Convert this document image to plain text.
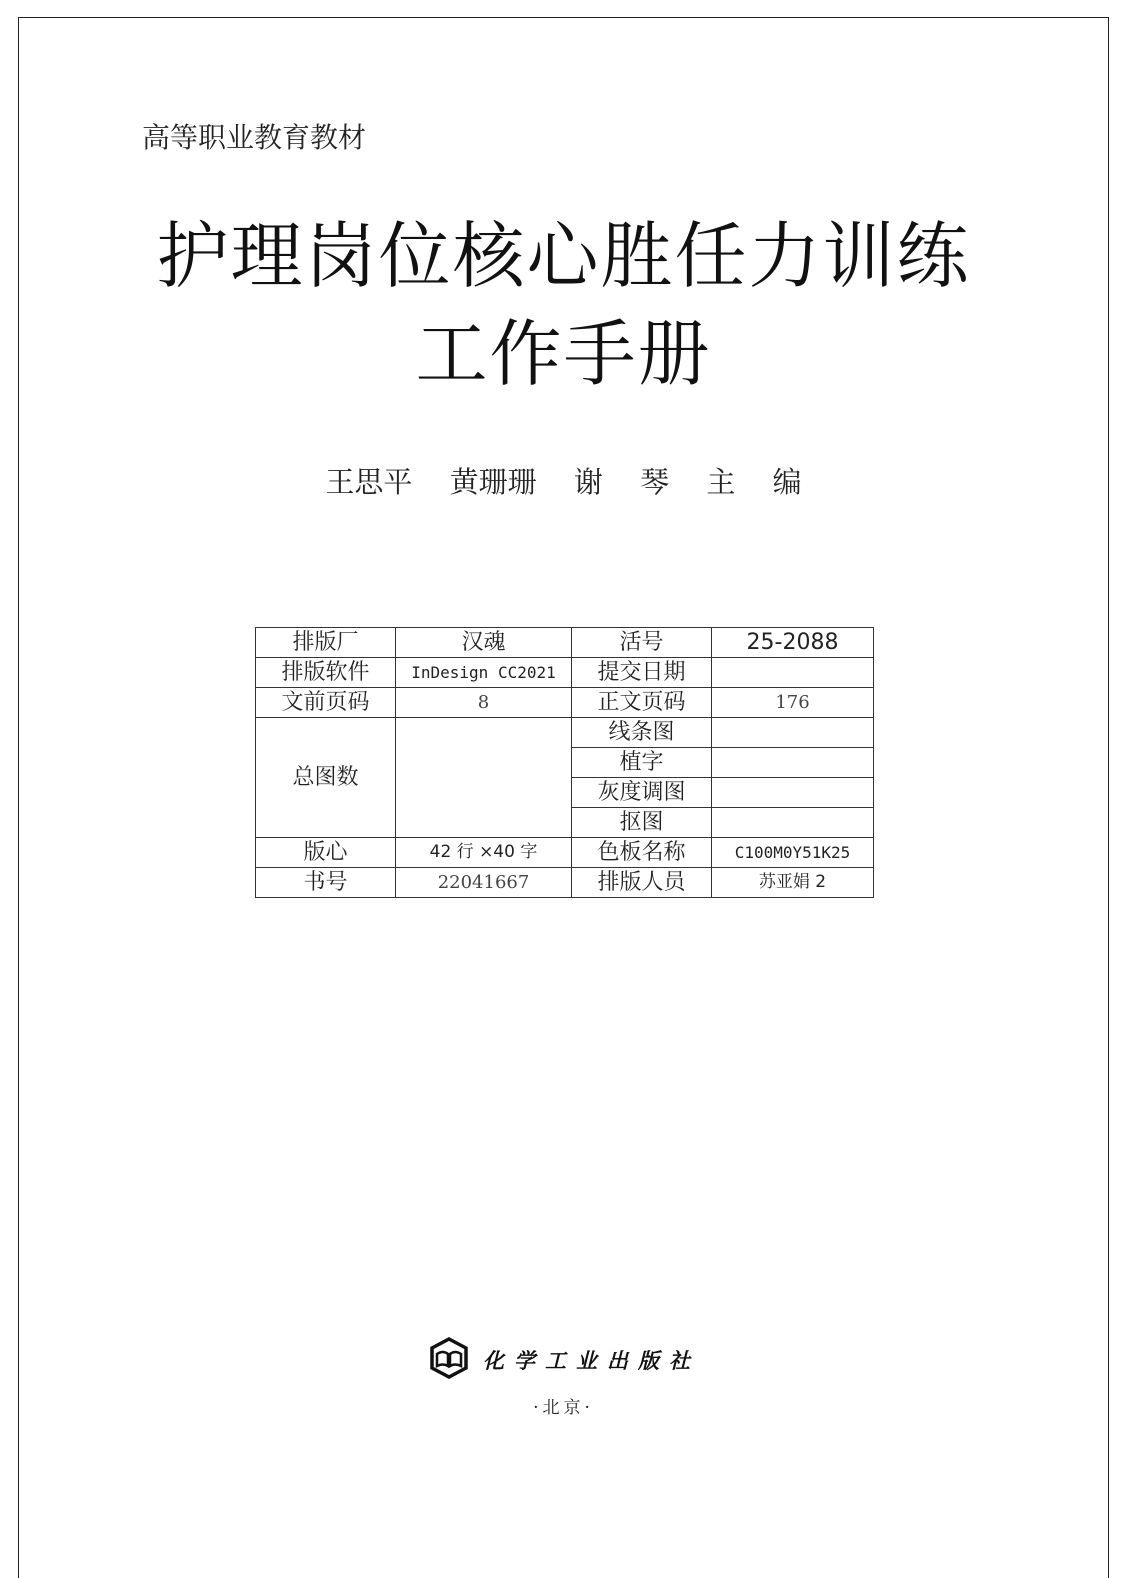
高等职业教育教材
护理岗位核心胜任力训练
工作手册
王思平 黄珊珊 谢 琴 主 编
排版厂	汉魂	活号	25-2088
排版软件	InDesign CC2021	提交日期	
文前页码	8	正文页码	176
总图数		线条图	
		植字	
		灰度调图	
		抠图	
版心	42 行 ×40 字	色板名称	C100M0Y51K25
书号	22041667	排版人员	苏亚娟 2
化学工业出版社
·北京·
